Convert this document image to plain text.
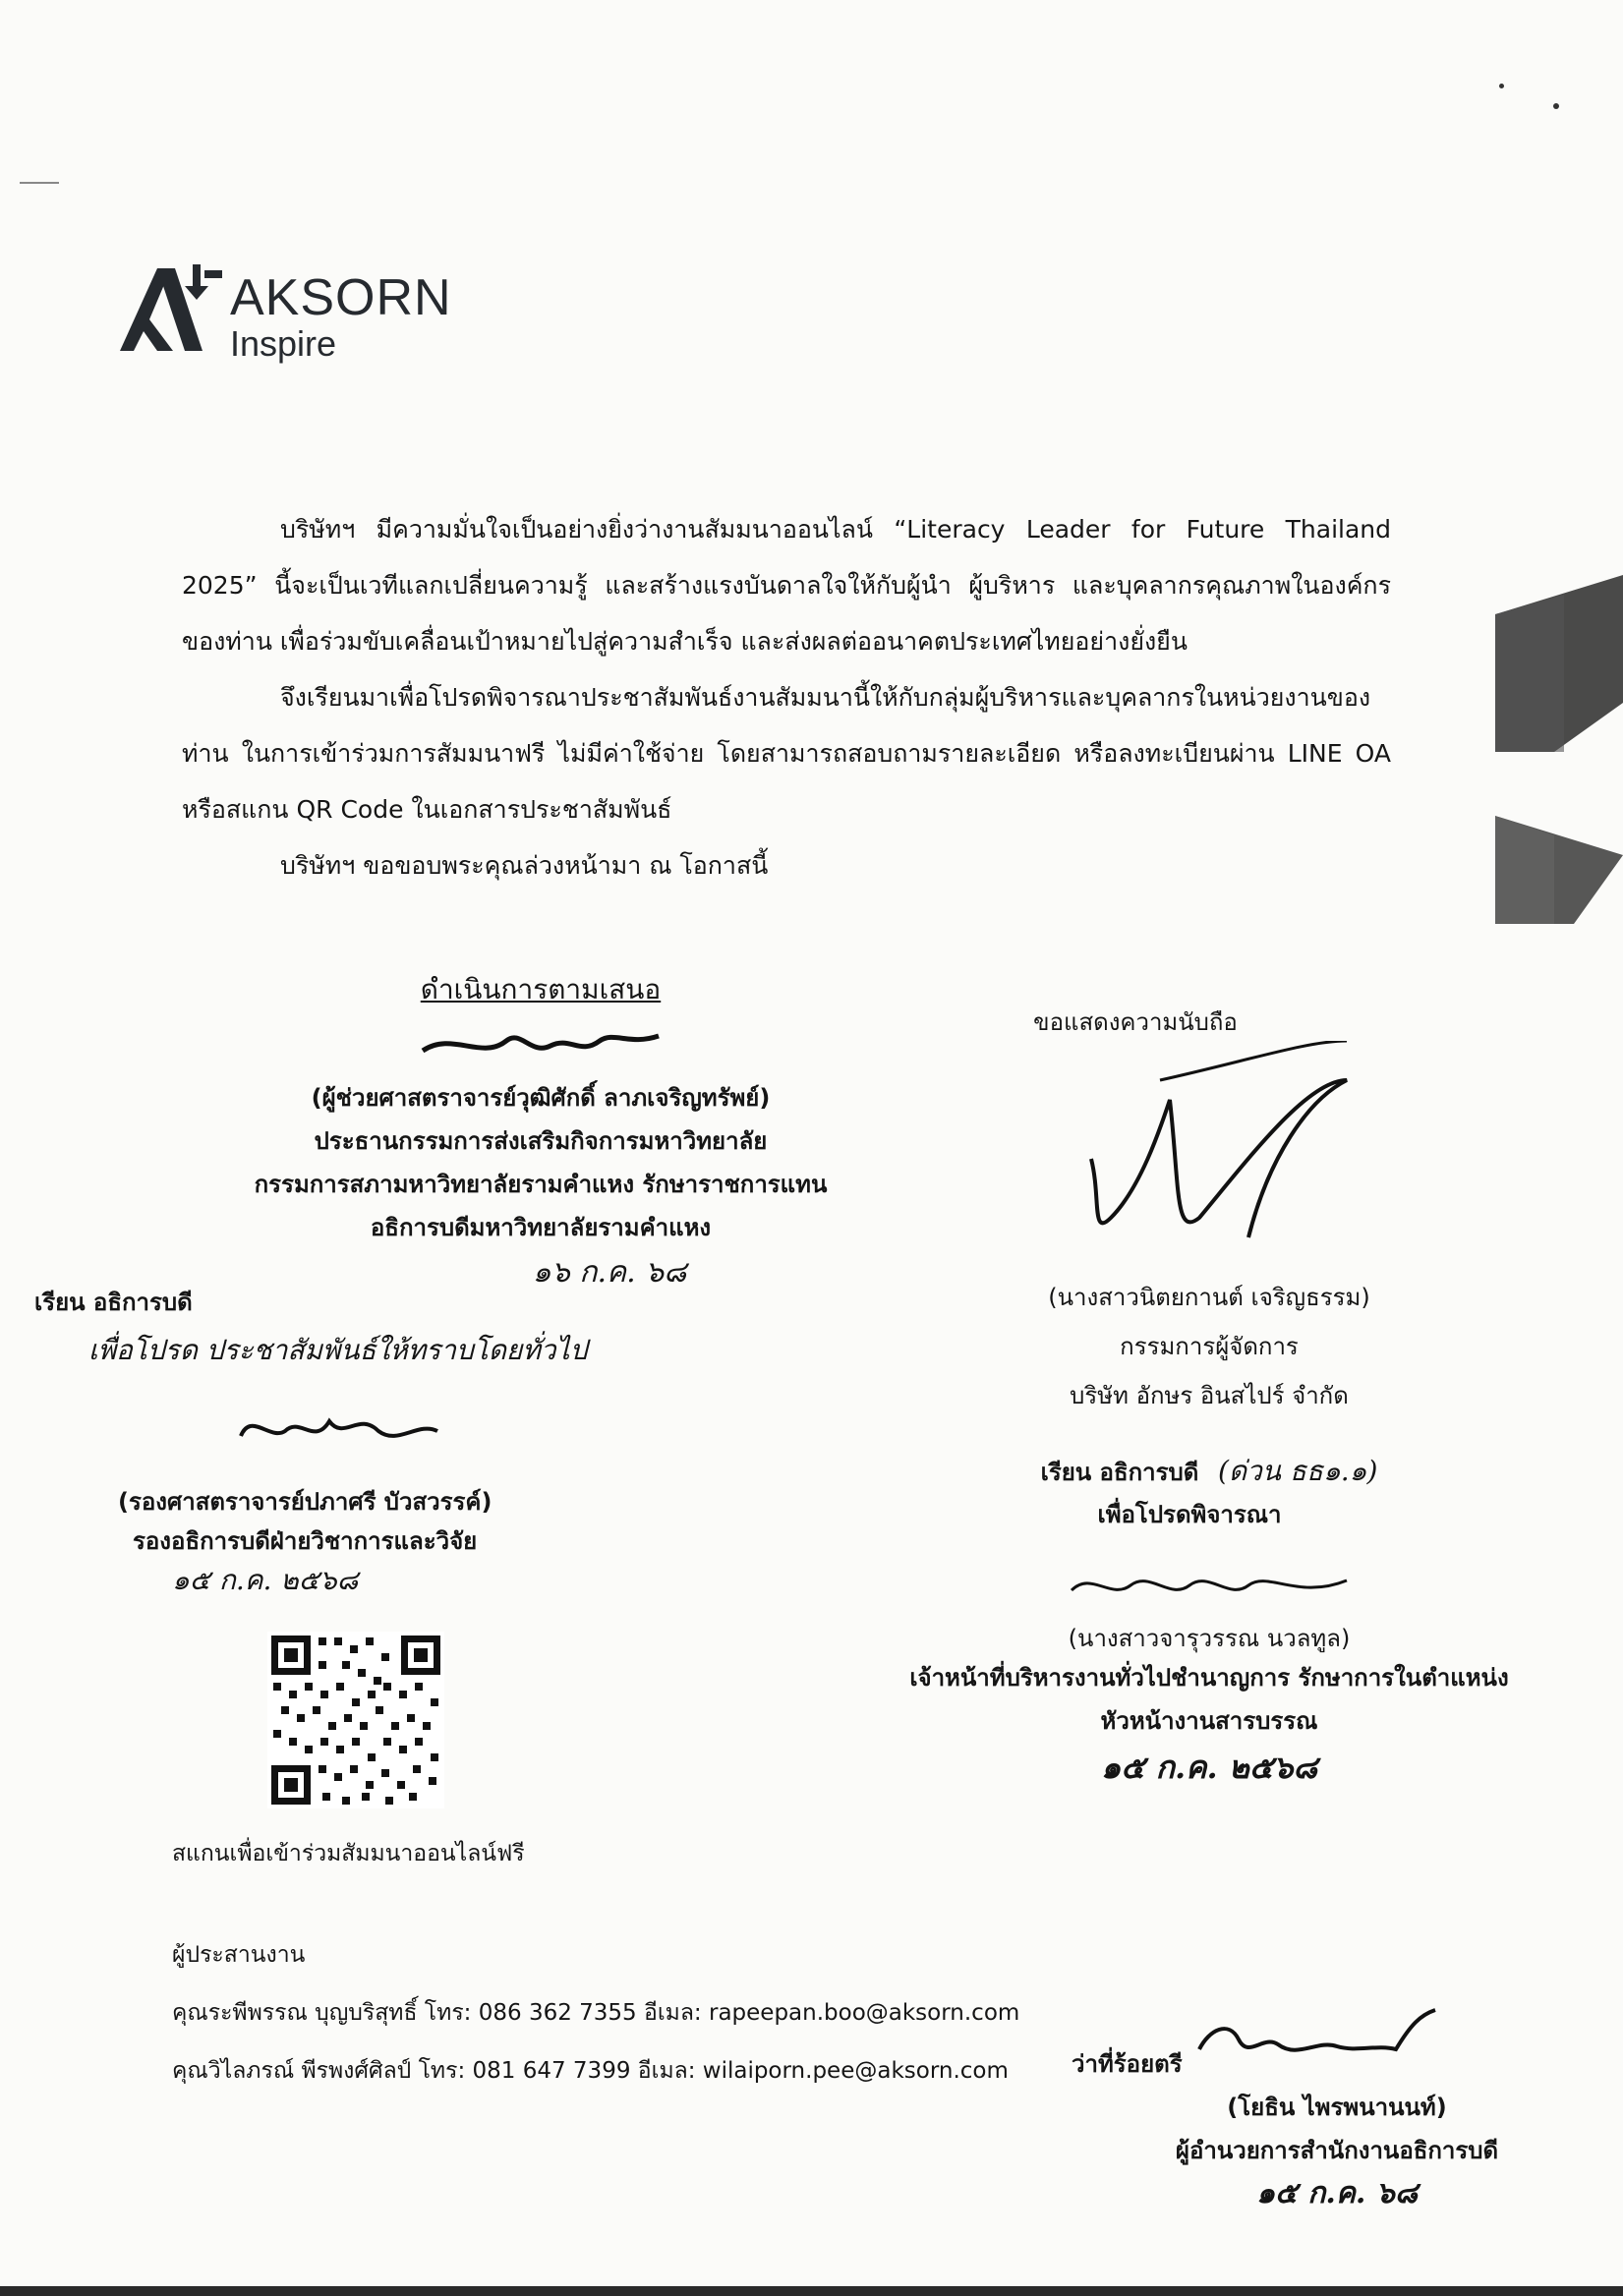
AKSORN
Inspire

บริษัทฯ มีความมั่นใจเป็นอย่างยิ่งว่างานสัมมนาออนไลน์ “Literacy Leader for Future Thailand 2025” นี้จะเป็นเวทีแลกเปลี่ยนความรู้ และสร้างแรงบันดาลใจให้กับผู้นำ ผู้บริหาร และบุคลากรคุณภาพในองค์กรของท่าน เพื่อร่วมขับเคลื่อนเป้าหมายไปสู่ความสำเร็จ และส่งผลต่ออนาคตประเทศไทยอย่างยั่งยืน

จึงเรียนมาเพื่อโปรดพิจารณาประชาสัมพันธ์งานสัมมนานี้ให้กับกลุ่มผู้บริหารและบุคลากรในหน่วยงานของท่าน ในการเข้าร่วมการสัมมนาฟรี ไม่มีค่าใช้จ่าย โดยสามารถสอบถามรายละเอียด หรือลงทะเบียนผ่าน LINE OA หรือสแกน QR Code ในเอกสารประชาสัมพันธ์

บริษัทฯ ขอขอบพระคุณล่วงหน้ามา ณ โอกาสนี้

ดำเนินการตามเสนอ
(ผู้ช่วยศาสตราจารย์วุฒิศักดิ์ ลาภเจริญทรัพย์)
ประธานกรรมการส่งเสริมกิจการมหาวิทยาลัย
กรรมการสภามหาวิทยาลัยรามคำแหง รักษาราชการแทน
อธิการบดีมหาวิทยาลัยรามคำแหง
๑๖ ก.ค. ๖๘
เรียน อธิการบดี
เพื่อโปรด ประชาสัมพันธ์ให้ทราบโดยทั่วไป
(รองศาสตราจารย์ปภาศรี บัวสวรรค์)
รองอธิการบดีฝ่ายวิชาการและวิจัย
๑๕ ก.ค. ๒๕๖๘
สแกนเพื่อเข้าร่วมสัมมนาออนไลน์ฟรี
ขอแสดงความนับถือ
(นางสาวนิตยกานต์ เจริญธรรม)
กรรมการผู้จัดการ
บริษัท อักษร อินสไปร์ จำกัด
เรียน อธิการบดี (ด่วน ธธ๑.๑)
เพื่อโปรดพิจารณา
(นางสาวจารุวรรณ นวลทูล)
เจ้าหน้าที่บริหารงานทั่วไปชำนาญการ รักษาการในตำแหน่ง
หัวหน้างานสารบรรณ
๑๕ ก.ค. ๒๕๖๘
ผู้ประสานงาน
คุณระพีพรรณ บุญบริสุทธิ์ โทร: 086 362 7355 อีเมล: rapeepan.boo@aksorn.com
คุณวิไลภรณ์ พีรพงศ์ศิลป์ โทร: 081 647 7399 อีเมล: wilaiporn.pee@aksorn.com	ว่าที่ร้อยตรี
(โยธิน ไพรพนานนท์)
ผู้อำนวยการสำนักงานอธิการบดี
๑๕ ก.ค. ๖๘
